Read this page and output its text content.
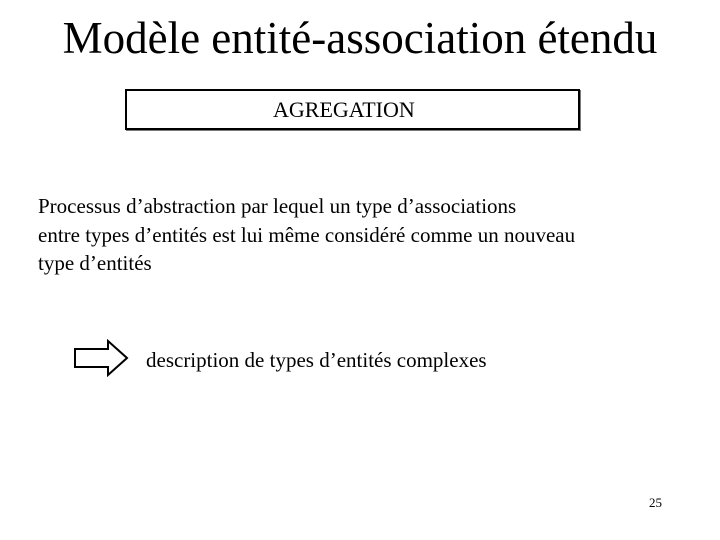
Modèle entité-association étendu
AGREGATION
Processus d’abstraction par lequel un type d’associations
entre types d’entités est lui même considéré comme un nouveau
type d’entités
description de types d’entités complexes
25
